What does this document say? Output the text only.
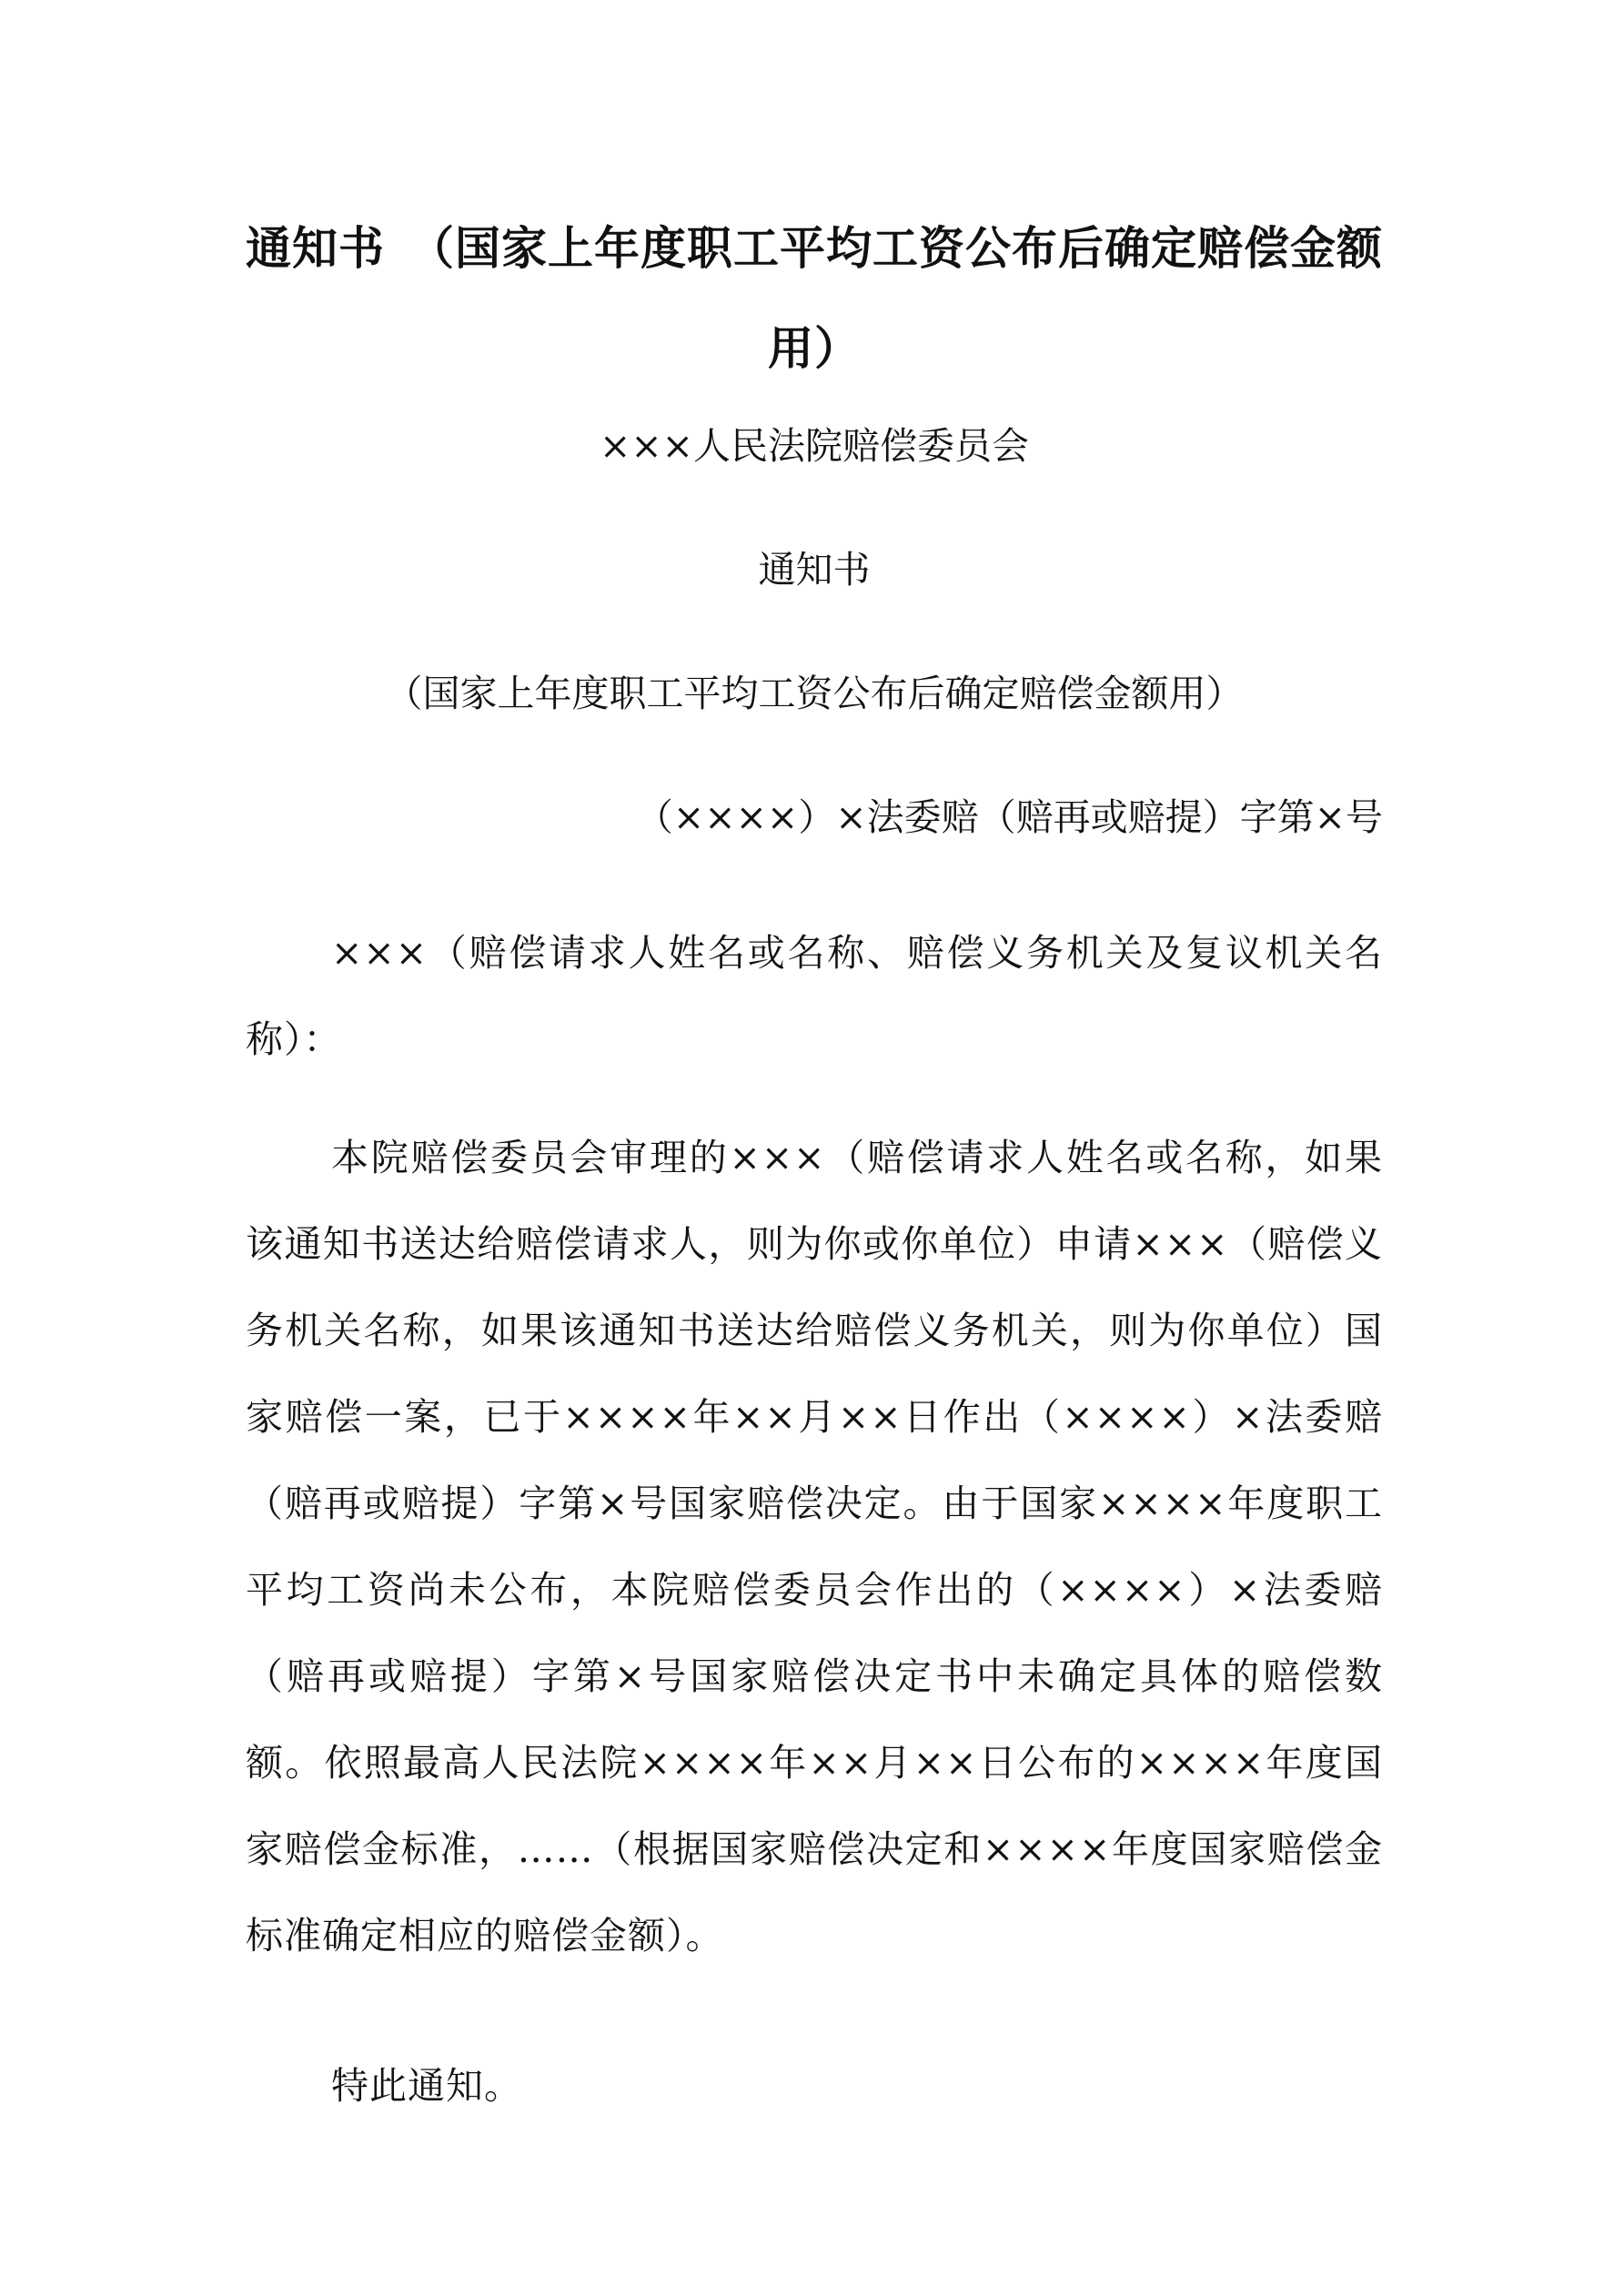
通知书　（国家上年度职工平均工资公布后确定赔偿金额用）
×××人民法院赔偿委员会
通知书
（国家上年度职工平均工资公布后确定赔偿金额用）
（××××）×法委赔（赔再或赔提）字第×号
×××（赔偿请求人姓名或名称、赔偿义务机关及复议机关名称）：
本院赔偿委员会审理的×××（赔偿请求人姓名或名称，如果该通知书送达给赔偿请求人，则为你或你单位）申请×××（赔偿义务机关名称，如果该通知书送达给赔偿义务机关，则为你单位）国家赔偿一案，已于××××年××月××日作出（××××）×法委赔（赔再或赔提）字第×号国家赔偿决定。由于国家××××年度职工平均工资尚未公布，本院赔偿委员会作出的（××××）×法委赔（赔再或赔提）字第×号国家赔偿决定书中未确定具体的赔偿数额。依照最高人民法院××××年××月××日公布的××××年度国家赔偿金标准，……（根据国家赔偿决定和××××年度国家赔偿金标准确定相应的赔偿金额）。
特此通知。
